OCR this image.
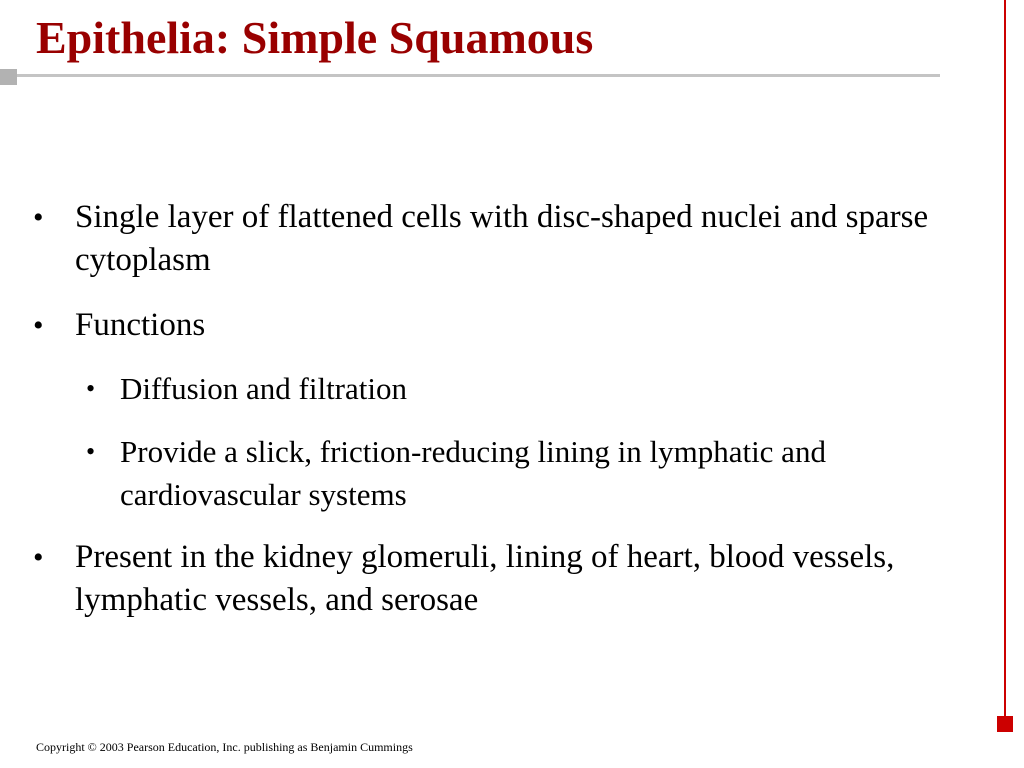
Epithelia: Simple Squamous
• Single layer of flattened cells with disc-shaped nuclei and sparse cytoplasm
• Functions
• Diffusion and filtration
• Provide a slick, friction-reducing lining in lymphatic and cardiovascular systems
• Present in the kidney glomeruli, lining of heart, blood vessels, lymphatic vessels, and serosae
Copyright © 2003 Pearson Education, Inc. publishing as Benjamin Cummings
